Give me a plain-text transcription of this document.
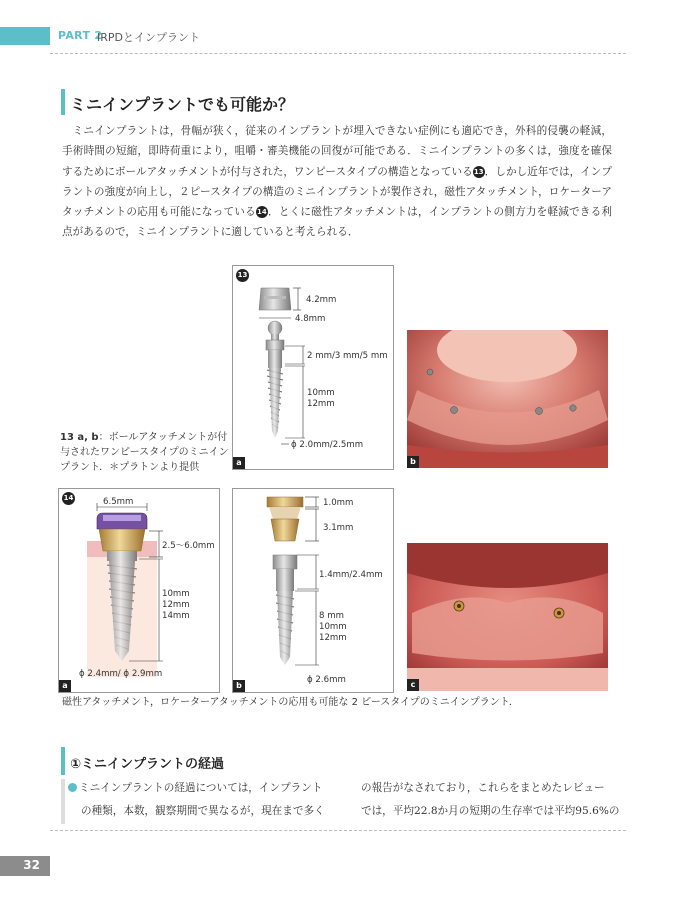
PART 2
IRPDとインプラント
ミニインプラントでも可能か？
ミニインプラントは，骨幅が狭く，従来のインプラントが埋入できない症例にも適応でき，外科的侵襲の軽減，手術時間の短縮，即時荷重により，咀嚼・審美機能の回復が可能である．ミニインプラントの多くは，強度を確保するためにボールアタッチメントが付与された，ワンピースタイプの構造となっている13．しかし近年では，インプラントの強度が向上し，２ピースタイプの構造のミニインプラントが製作され，磁性アタッチメント，ロケーターアタッチメントの応用も可能になっている14．とくに磁性アタッチメントは，インプラントの側方力を軽減できる利点があるので，ミニインプラントに適していると考えられる．
13
4.2mm
4.8mm
2 mm/3 mm/5 mm
10mm
12mm
ϕ 2.0mm/2.5mm
a	b
13 a, b：ボールアタッチメントが付与されたワンピースタイプのミニインプラント．＊プラトンより提供
14	6.5mm
2.5〜6.0mm
10mm
12mm
14mm
ϕ 2.4mm/ ϕ 2.9mm
a
1.0mm
3.1mm
1.4mm/2.4mm
8 mm
10mm
12mm
ϕ 2.6mm
b	c
磁性アタッチメント，ロケーターアタッチメントの応用も可能な 2 ピースタイプのミニインプラント．
①ミニインプラントの経過
ミニインプラントの経過については，インプラント
の種類，本数，観察期間で異なるが，現在まで多く
の報告がなされており，これらをまとめたレビュー
では，平均22.8か月の短期の生存率では平均95.6%の
32
